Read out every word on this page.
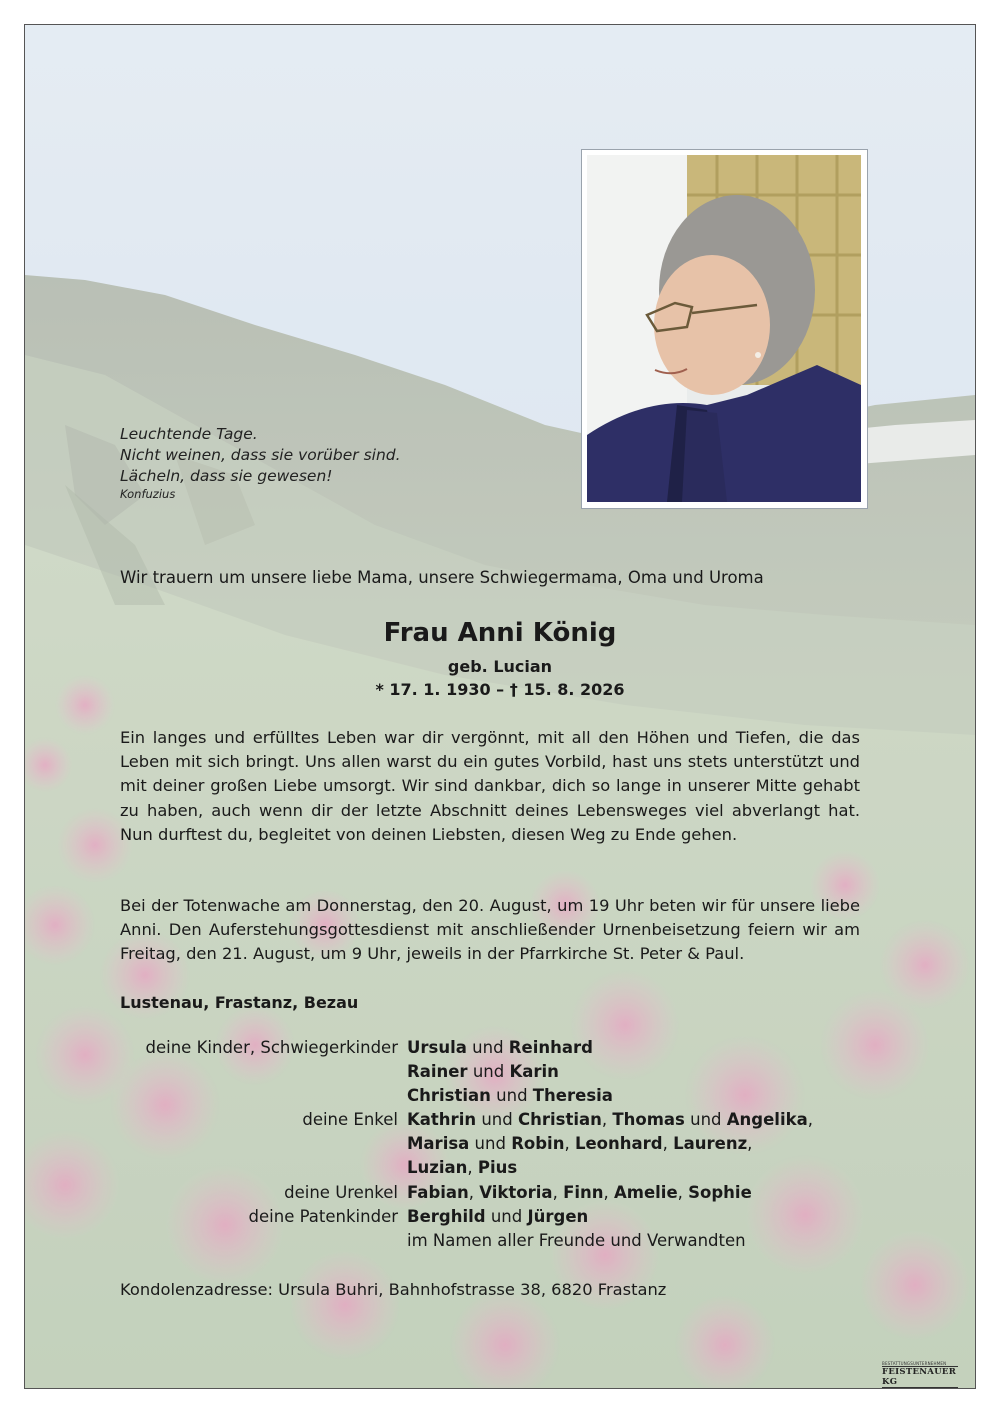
Leuchtende Tage.
Nicht weinen, dass sie vorüber sind.
Lächeln, dass sie gewesen!
Konfuzius
Wir trauern um unsere liebe Mama, unsere Schwiegermama, Oma und Uroma
Frau Anni König
geb. Lucian
* 17. 1. 1930 – † 15. 8. 2026
Ein langes und erfülltes Leben war dir vergönnt, mit all den Höhen und Tiefen, die das Leben mit sich bringt. Uns allen warst du ein gutes Vorbild, hast uns stets unterstützt und mit deiner großen Liebe umsorgt. Wir sind dankbar, dich so lange in unserer Mitte gehabt zu haben, auch wenn dir der letzte Abschnitt deines Lebensweges viel abverlangt hat. Nun durftest du, begleitet von deinen Liebsten, diesen Weg zu Ende gehen.
Bei der Totenwache am Donnerstag, den 20. August, um 19 Uhr beten wir für unsere liebe Anni. Den Auferstehungsgottesdienst mit anschließender Urnenbeisetzung feiern wir am Freitag, den 21. August, um 9 Uhr, jeweils in der Pfarrkirche St. Peter & Paul.
Lustenau, Frastanz, Bezau
deine Kinder, Schwiegerkinder Ursula und Reinhard
Rainer und Karin
Christian und Theresia
deine Enkel Kathrin und Christian, Thomas und Angelika,
Marisa und Robin, Leonhard, Laurenz,
Luzian, Pius
deine Urenkel Fabian, Viktoria, Finn, Amelie, Sophie
deine Patenkinder Berghild und Jürgen
im Namen aller Freunde und Verwandten
Kondolenzadresse: Ursula Buhri, Bahnhofstrasse 38, 6820 Frastanz
BESTATTUNGSUNTERNEHMEN
FEISTENAUER KG
